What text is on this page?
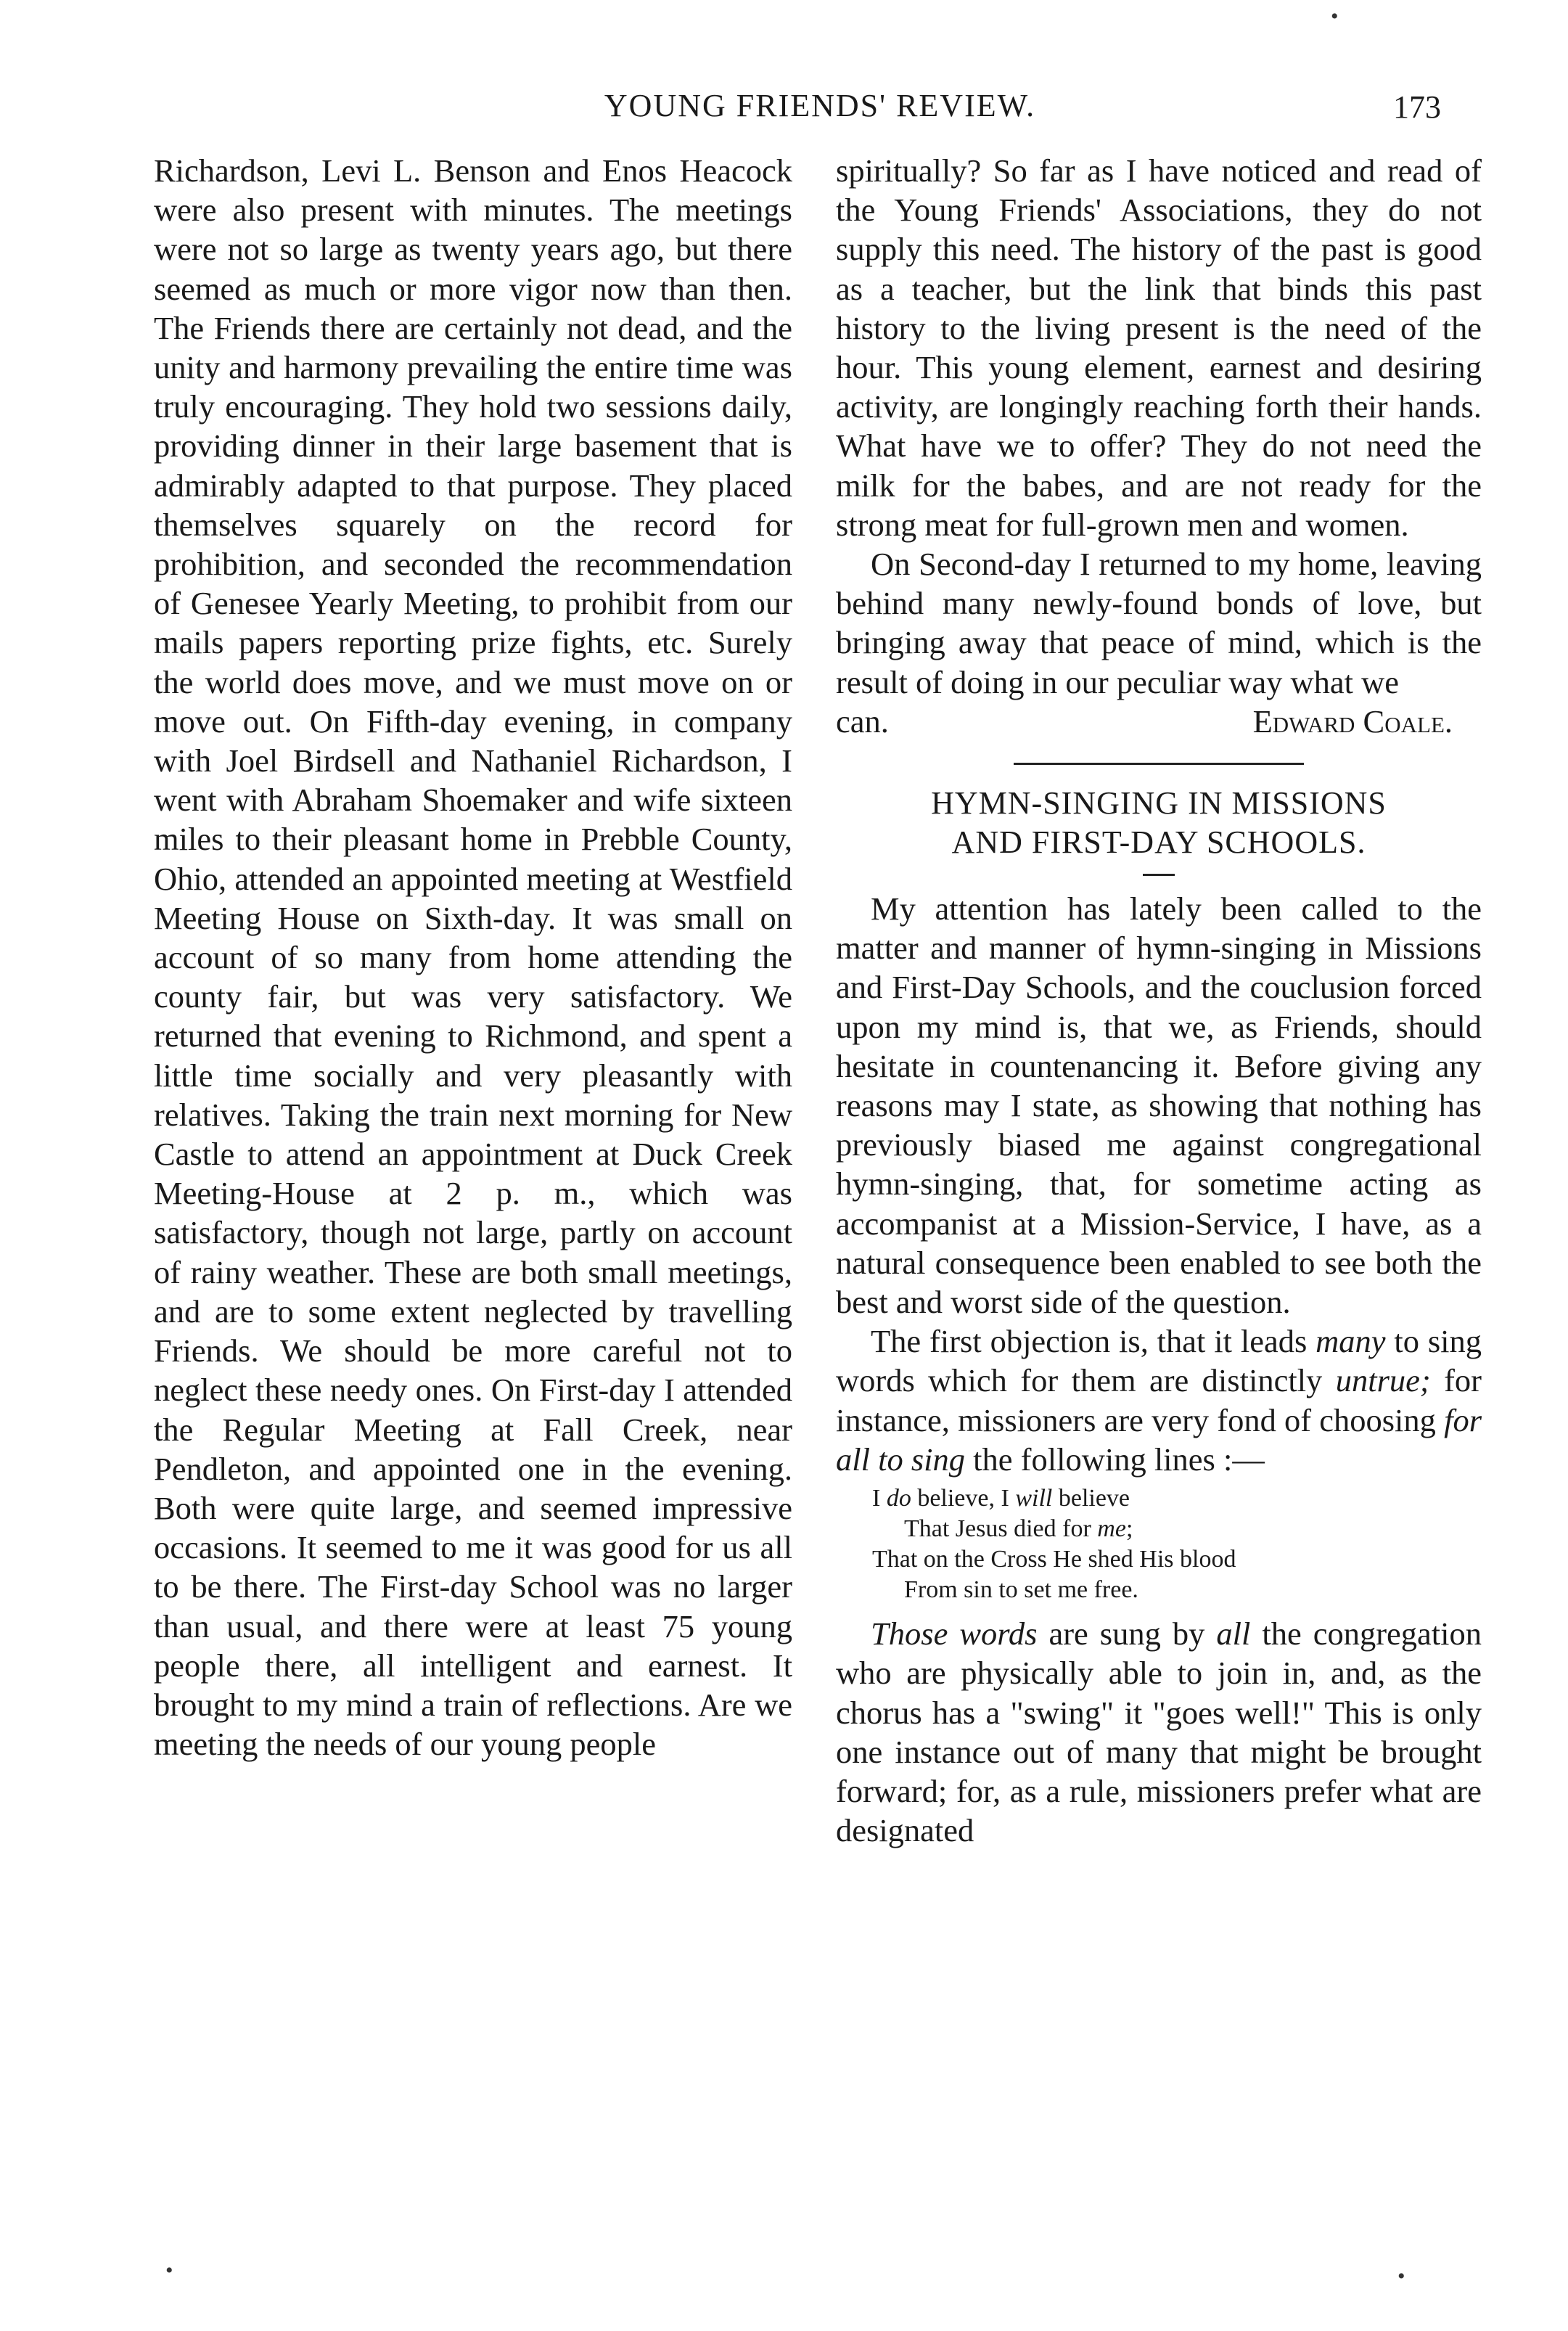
YOUNG FRIENDS' REVIEW.	173

Richardson, Levi L. Benson and Enos Heacock were also present with minutes. The meetings were not so large as twenty years ago, but there seemed as much or more vigor now than then. The Friends there are certainly not dead, and the unity and harmony prevailing the entire time was truly encouraging. They hold two sessions daily, providing dinner in their large basement that is admirably adapted to that purpose. They placed themselves squarely on the record for prohibition, and seconded the recommendation of Genesee Yearly Meeting, to prohibit from our mails papers reporting prize fights, etc. Surely the world does move, and we must move on or move out. On Fifth-day evening, in company with Joel Birdsell and Nathaniel Richardson, I went with Abraham Shoemaker and wife sixteen miles to their pleasant home in Prebble County, Ohio, attended an appointed meeting at Westfield Meeting House on Sixth-day. It was small on account of so many from home attending the county fair, but was very satisfactory. We returned that evening to Richmond, and spent a little time socially and very pleasantly with relatives. Taking the train next morning for New Castle to attend an appointment at Duck Creek Meeting-House at 2 p. m., which was satisfactory, though not large, partly on account of rainy weather. These are both small meetings, and are to some extent neglected by travelling Friends. We should be more careful not to neglect these needy ones. On First-day I attended the Regular Meeting at Fall Creek, near Pendleton, and appointed one in the evening. Both were quite large, and seemed impressive occasions. It seemed to me it was good for us all to be there. The First-day School was no larger than usual, and there were at least 75 young people there, all intelligent and earnest. It brought to my mind a train of reflections. Are we meeting the needs of our young people

spiritually? So far as I have noticed and read of the Young Friends' Associations, they do not supply this need. The history of the past is good as a teacher, but the link that binds this past history to the living present is the need of the hour. This young element, earnest and desiring activity, are longingly reaching forth their hands. What have we to offer? They do not need the milk for the babes, and are not ready for the strong meat for full-grown men and women.

On Second-day I returned to my home, leaving behind many newly-found bonds of love, but bringing away that peace of mind, which is the result of doing in our peculiar way what we

can.	Edward Coale.

HYMN-SINGING IN MISSIONS

AND FIRST-DAY SCHOOLS.

My attention has lately been called to the matter and manner of hymn-singing in Missions and First-Day Schools, and the couclusion forced upon my mind is, that we, as Friends, should hesitate in countenancing it. Before giving any reasons may I state, as showing that nothing has previously biased me against congregational hymn-singing, that, for sometime acting as accompanist at a Mission-Service, I have, as a natural consequence been enabled to see both the best and worst side of the question.

The first objection is, that it leads many to sing words which for them are distinctly untrue; for instance, missioners are very fond of choosing for all to sing the following lines :—

I do believe, I will believe
That Jesus died for me;
That on the Cross He shed His blood
From sin to set me free.

Those words are sung by all the congregation who are physically able to join in, and, as the chorus has a "swing" it "goes well!" This is only one instance out of many that might be brought forward; for, as a rule, missioners prefer what are designated

•
•	•
